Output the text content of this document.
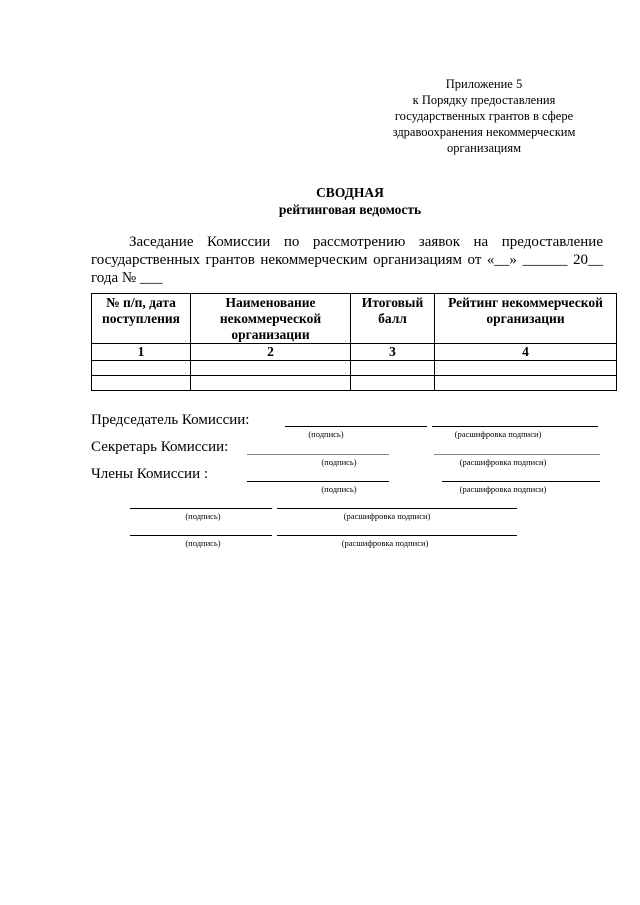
Приложение 5
к Порядку предоставления
государственных грантов в сфере
здравоохранения некоммерческим
организациям
СВОДНАЯ
рейтинговая ведомость
Заседание Комиссии по рассмотрению заявок на предоставление государственных грантов некоммерческим организациям от «__» ______ 20__ года № ___
№ п/п, дата поступления	Наименование некоммерческой организации	Итоговый балл	Рейтинг некоммерческой организации
1	2	3	4

Председатель Комиссии:
(подпись)	(расшифровка подписи)
Секретарь Комиссии:
(подпись)	(расшифровка подписи)
Члены Комиссии :
(подпись)	(расшифровка подписи)
(подпись)	(расшифровка подписи)
(подпись)	(расшифровка подписи)
